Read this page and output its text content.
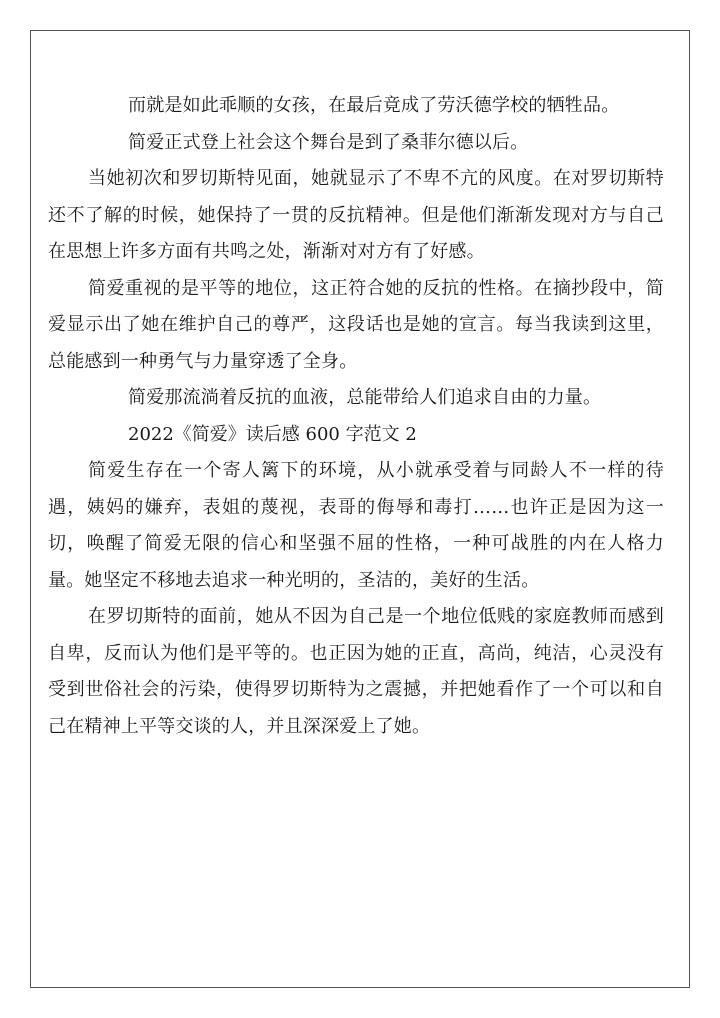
而就是如此乖顺的女孩，在最后竟成了劳沃德学校的牺牲品。

简爱正式登上社会这个舞台是到了桑菲尔德以后。

当她初次和罗切斯特见面，她就显示了不卑不亢的风度。在对罗切斯特还不了解的时候，她保持了一贯的反抗精神。但是他们渐渐发现对方与自己在思想上许多方面有共鸣之处，渐渐对对方有了好感。

简爱重视的是平等的地位，这正符合她的反抗的性格。在摘抄段中，简爱显示出了她在维护自己的尊严，这段话也是她的宣言。每当我读到这里，总能感到一种勇气与力量穿透了全身。

简爱那流淌着反抗的血液，总能带给人们追求自由的力量。

2022《简爱》读后感 600 字范文 2

简爱生存在一个寄人篱下的环境，从小就承受着与同龄人不一样的待遇，姨妈的嫌弃，表姐的蔑视，表哥的侮辱和毒打……也许正是因为这一切，唤醒了简爱无限的信心和坚强不屈的性格，一种可战胜的内在人格力量。她坚定不移地去追求一种光明的，圣洁的，美好的生活。

在罗切斯特的面前，她从不因为自己是一个地位低贱的家庭教师而感到自卑，反而认为他们是平等的。也正因为她的正直，高尚，纯洁，心灵没有受到世俗社会的污染，使得罗切斯特为之震撼，并把她看作了一个可以和自己在精神上平等交谈的人，并且深深爱上了她。
